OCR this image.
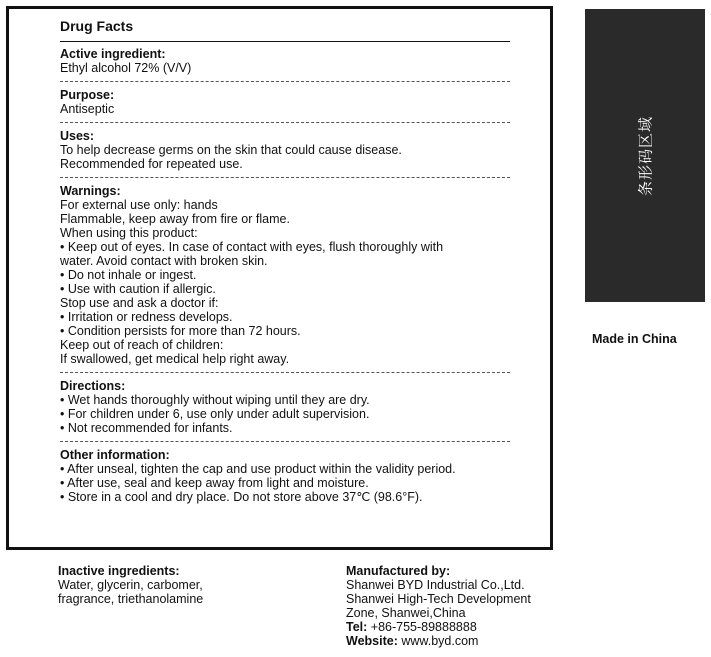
Drug Facts
Active ingredient:
Ethyl alcohol 72% (V/V)
Purpose:
Antiseptic
Uses:
To help decrease germs on the skin that could cause disease.
Recommended for repeated use.
Warnings:
For external use only: hands
Flammable, keep away from fire or flame.
When using this product:
• Keep out of eyes. In case of contact with eyes, flush thoroughly with
water. Avoid contact with broken skin.
• Do not inhale or ingest.
• Use with caution if allergic.
Stop use and ask a doctor if:
• Irritation or redness develops.
• Condition persists for more than 72 hours.
Keep out of reach of children:
If swallowed, get medical help right away.
Directions:
• Wet hands thoroughly without wiping until they are dry.
• For children under 6, use only under adult supervision.
• Not recommended for infants.
Other information:
• After unseal, tighten the cap and use product within the validity period.
• After use, seal and keep away from light and moisture.
• Store in a cool and dry place. Do not store above 37℃ (98.6°F).
条形码区域
Made in China
Inactive ingredients:
Water, glycerin, carbomer,
fragrance, triethanolamine
Manufactured by:
Shanwei BYD Industrial Co.,Ltd.
Shanwei High-Tech Development
Zone, Shanwei,China
Tel: +86-755-89888888
Website: www.byd.com
